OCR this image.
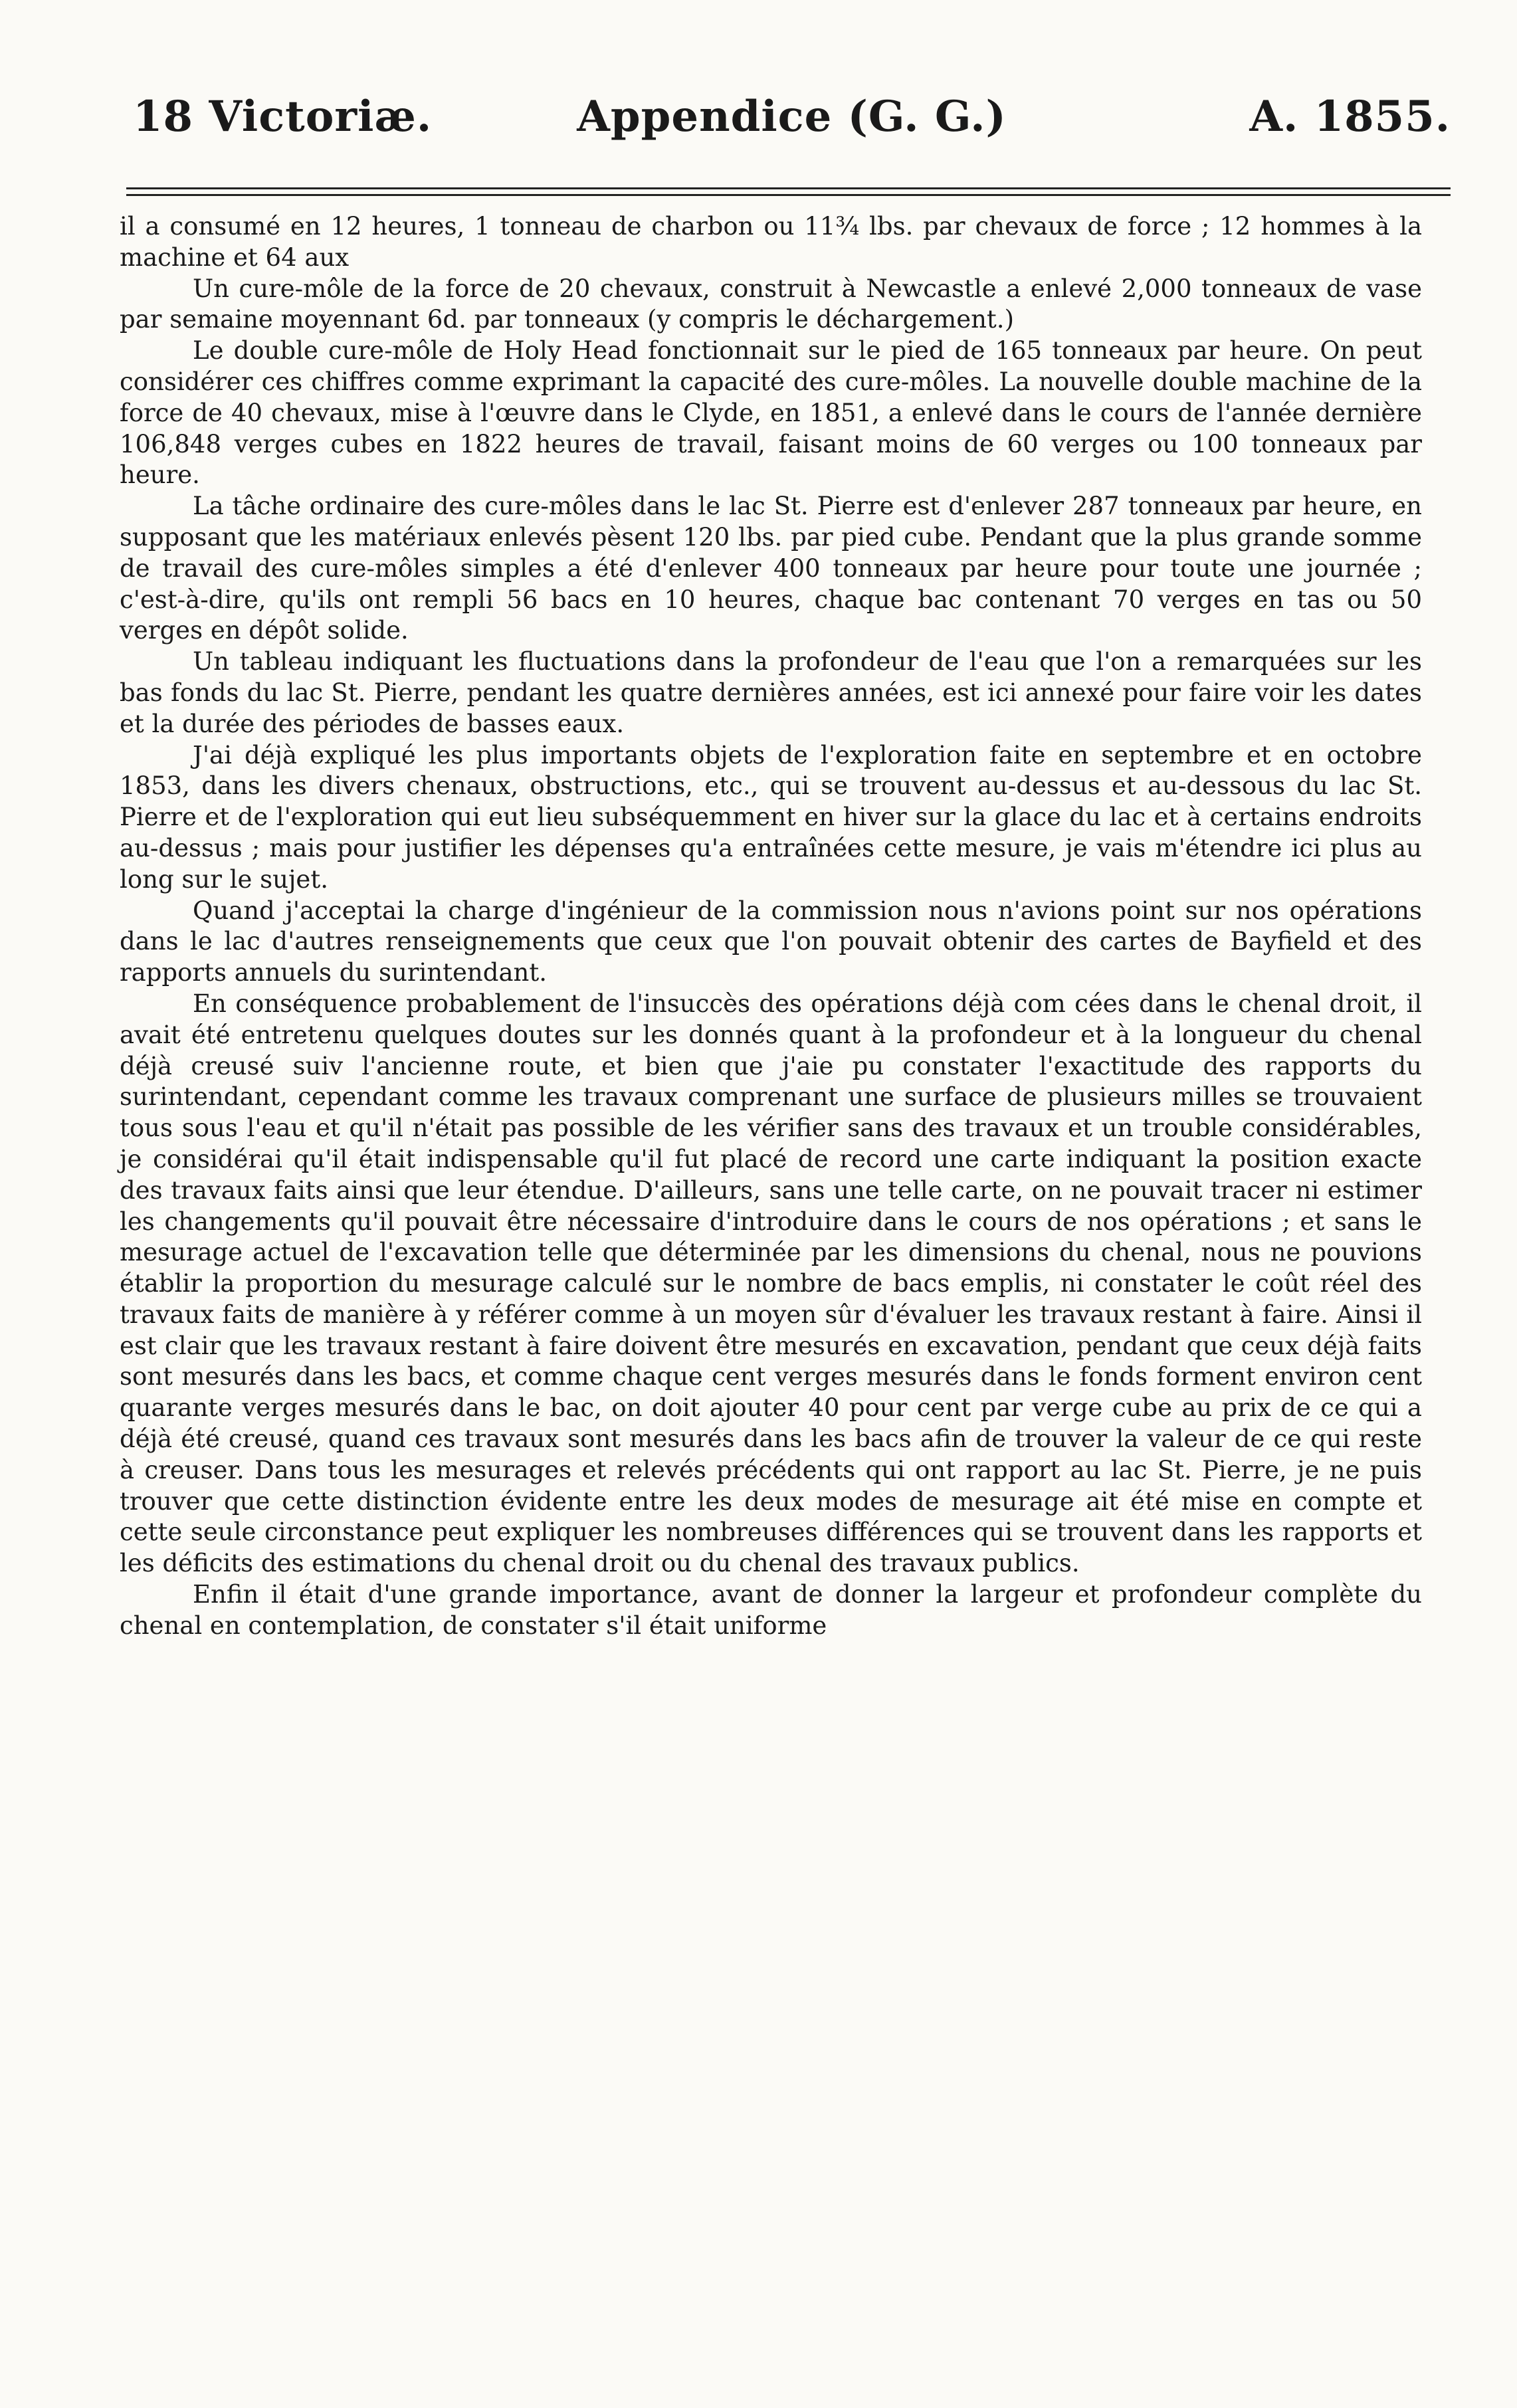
18 Victoriæ.	Appendice (G. G.)	A. 1855.

il a consumé en 12 heures, 1 tonneau de charbon ou 11¾ lbs. par chevaux de force ; 12 hommes à la machine et 64 aux

Un cure-môle de la force de 20 chevaux, construit à Newcastle a enlevé 2,000 tonneaux de vase par semaine moyennant 6d. par tonneaux (y compris le déchargement.)

Le double cure-môle de Holy Head fonctionnait sur le pied de 165 tonneaux par heure. On peut considérer ces chiffres comme exprimant la capacité des cure-môles. La nouvelle double machine de la force de 40 chevaux, mise à l'œuvre dans le Clyde, en 1851, a enlevé dans le cours de l'année dernière 106,848 verges cubes en 1822 heures de travail, faisant moins de 60 verges ou 100 tonneaux par heure.

La tâche ordinaire des cure-môles dans le lac St. Pierre est d'enlever 287 tonneaux par heure, en supposant que les matériaux enlevés pèsent 120 lbs. par pied cube. Pendant que la plus grande somme de travail des cure-môles simples a été d'enlever 400 tonneaux par heure pour toute une journée ; c'est-à-dire, qu'ils ont rempli 56 bacs en 10 heures, chaque bac contenant 70 verges en tas ou 50 verges en dépôt solide.

Un tableau indiquant les fluctuations dans la profondeur de l'eau que l'on a remarquées sur les bas fonds du lac St. Pierre, pendant les quatre dernières années, est ici annexé pour faire voir les dates et la durée des périodes de basses eaux.

J'ai déjà expliqué les plus importants objets de l'exploration faite en septembre et en octobre 1853, dans les divers chenaux, obstructions, etc., qui se trouvent au-dessus et au-dessous du lac St. Pierre et de l'exploration qui eut lieu subséquemment en hiver sur la glace du lac et à certains endroits au-dessus ; mais pour justifier les dépenses qu'a entraînées cette mesure, je vais m'étendre ici plus au long sur le sujet.

Quand j'acceptai la charge d'ingénieur de la commission nous n'avions point sur nos opérations dans le lac d'autres renseignements que ceux que l'on pouvait obtenir des cartes de Bayfield et des rapports annuels du surintendant.

En conséquence probablement de l'insuccès des opérations déjà com cées dans le chenal droit, il avait été entretenu quelques doutes sur les donnés quant à la profondeur et à la longueur du chenal déjà creusé suiv l'ancienne route, et bien que j'aie pu constater l'exactitude des rapports du surintendant, cependant comme les travaux comprenant une surface de plusieurs milles se trouvaient tous sous l'eau et qu'il n'était pas possible de les vérifier sans des travaux et un trouble considérables, je considérai qu'il était indispensable qu'il fut placé de record une carte indiquant la position exacte des travaux faits ainsi que leur étendue. D'ailleurs, sans une telle carte, on ne pouvait tracer ni estimer les changements qu'il pouvait être nécessaire d'introduire dans le cours de nos opérations ; et sans le mesurage actuel de l'excavation telle que déterminée par les dimensions du chenal, nous ne pouvions établir la proportion du mesurage calculé sur le nombre de bacs emplis, ni constater le coût réel des travaux faits de manière à y référer comme à un moyen sûr d'évaluer les travaux restant à faire. Ainsi il est clair que les travaux restant à faire doivent être mesurés en excavation, pendant que ceux déjà faits sont mesurés dans les bacs, et comme chaque cent verges mesurés dans le fonds forment environ cent quarante verges mesurés dans le bac, on doit ajouter 40 pour cent par verge cube au prix de ce qui a déjà été creusé, quand ces travaux sont mesurés dans les bacs afin de trouver la valeur de ce qui reste à creuser. Dans tous les mesurages et relevés précédents qui ont rapport au lac St. Pierre, je ne puis trouver que cette distinction évidente entre les deux modes de mesurage ait été mise en compte et cette seule circonstance peut expliquer les nombreuses différences qui se trouvent dans les rapports et les déficits des estimations du chenal droit ou du chenal des travaux publics.

Enfin il était d'une grande importance, avant de donner la largeur et profondeur complète du chenal en contemplation, de constater s'il était uniforme
